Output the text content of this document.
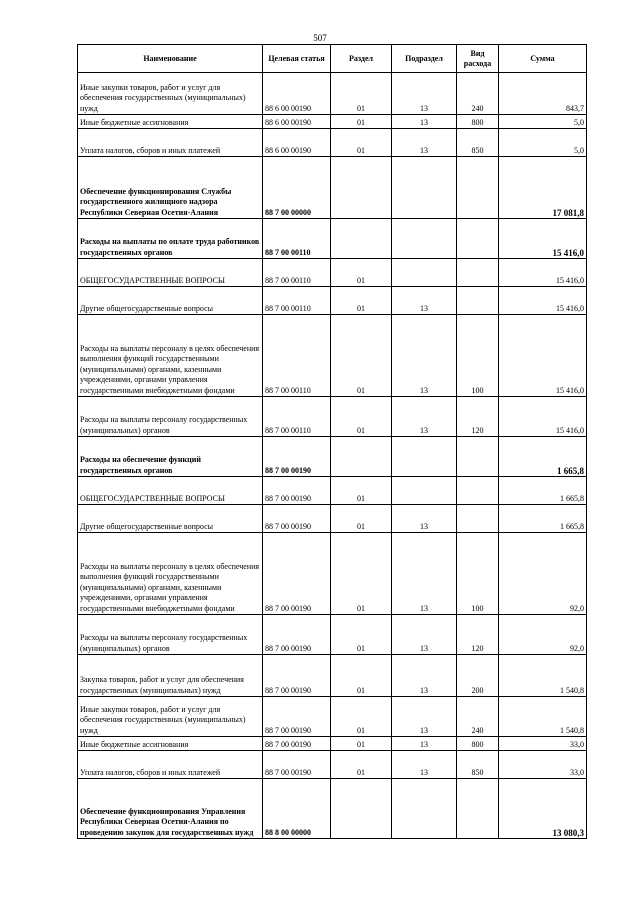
507
Наименование	Целевая статья	Раздел	Подраздел	Вид расхода	Сумма
Иные закупки товаров, работ и услуг для обеспечения государственных (муниципальных) нужд	88 6 00 00190	01	13	240	843,7
Иные бюджетные ассигнования	88 6 00 00190	01	13	800	5,0
Уплата налогов, сборов и иных платежей	88 6 00 00190	01	13	850	5,0
Обеспечение функционирования Службы государственного жилищного надзора Республики Северная Осетия-Алания	88 7 00 00000				17 081,8
Расходы на выплаты по оплате труда работников государственных органов	88 7 00 00110				15 416,0
ОБЩЕГОСУДАРСТВЕННЫЕ ВОПРОСЫ	88 7 00 00110	01			15 416,0
Другие общегосударственные вопросы	88 7 00 00110	01	13		15 416,0
Расходы на выплаты персоналу в целях обеспечения выполнения функций государственными (муниципальными) органами, казенными учреждениями, органами управления государственными внебюджетными фондами	88 7 00 00110	01	13	100	15 416,0
Расходы на выплаты персоналу государственных (муниципальных) органов	88 7 00 00110	01	13	120	15 416,0
Расходы на обеспечение функций государственных органов	88 7 00 00190				1 665,8
ОБЩЕГОСУДАРСТВЕННЫЕ ВОПРОСЫ	88 7 00 00190	01			1 665,8
Другие общегосударственные вопросы	88 7 00 00190	01	13		1 665,8
Расходы на выплаты персоналу в целях обеспечения выполнения функций государственными (муниципальными) органами, казенными учреждениями, органами управления государственными внебюджетными фондами	88 7 00 00190	01	13	100	92,0
Расходы на выплаты персоналу государственных (муниципальных) органов	88 7 00 00190	01	13	120	92,0
Закупка товаров, работ и услуг для обеспечения государственных (муниципальных) нужд	88 7 00 00190	01	13	200	1 540,8
Иные закупки товаров, работ и услуг для обеспечения государственных (муниципальных) нужд	88 7 00 00190	01	13	240	1 540,8
Иные бюджетные ассигнования	88 7 00 00190	01	13	800	33,0
Уплата налогов, сборов и иных платежей	88 7 00 00190	01	13	850	33,0
Обеспечение функционирования Управления Республики Северная Осетия-Алания по проведению закупок для государственных нужд	88 8 00 00000				13 080,3
